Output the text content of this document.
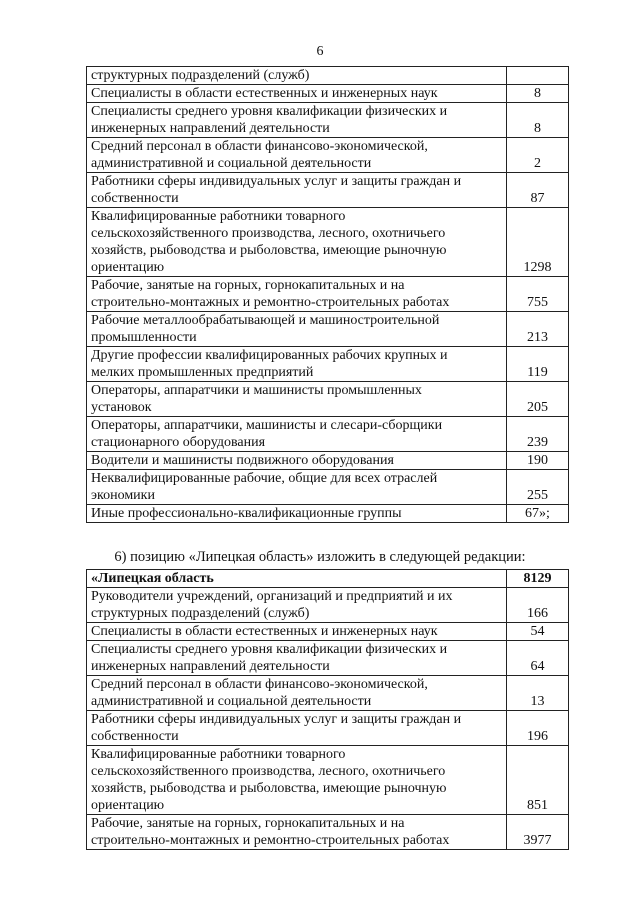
6
структурных подразделений (служб)	
Специалисты в области естественных и инженерных наук	8
Специалисты среднего уровня квалификации физических и
инженерных направлений деятельности	8
Средний персонал в области финансово-экономической,
административной и социальной деятельности	2
Работники сферы индивидуальных услуг и защиты граждан и
собственности	87
Квалифицированные работники товарного
сельскохозяйственного производства, лесного, охотничьего
хозяйств, рыбоводства и рыболовства, имеющие рыночную
ориентацию	1298
Рабочие, занятые на горных, горнокапитальных и на
строительно-монтажных и ремонтно-строительных работах	755
Рабочие металлообрабатывающей и машиностроительной
промышленности	213
Другие профессии квалифицированных рабочих крупных и
мелких промышленных предприятий	119
Операторы, аппаратчики и машинисты промышленных
установок	205
Операторы, аппаратчики, машинисты и слесари-сборщики
стационарного оборудования	239
Водители и машинисты подвижного оборудования	190
Неквалифицированные рабочие, общие для всех отраслей
экономики	255
Иные профессионально-квалификационные группы	67»;
6) позицию «Липецкая область» изложить в следующей редакции:
«Липецкая область	8129
Руководители учреждений, организаций и предприятий и их
структурных подразделений (служб)	166
Специалисты в области естественных и инженерных наук	54
Специалисты среднего уровня квалификации физических и
инженерных направлений деятельности	64
Средний персонал в области финансово-экономической,
административной и социальной деятельности	13
Работники сферы индивидуальных услуг и защиты граждан и
собственности	196
Квалифицированные работники товарного
сельскохозяйственного производства, лесного, охотничьего
хозяйств, рыбоводства и рыболовства, имеющие рыночную
ориентацию	851
Рабочие, занятые на горных, горнокапитальных и на
строительно-монтажных и ремонтно-строительных работах	3977
